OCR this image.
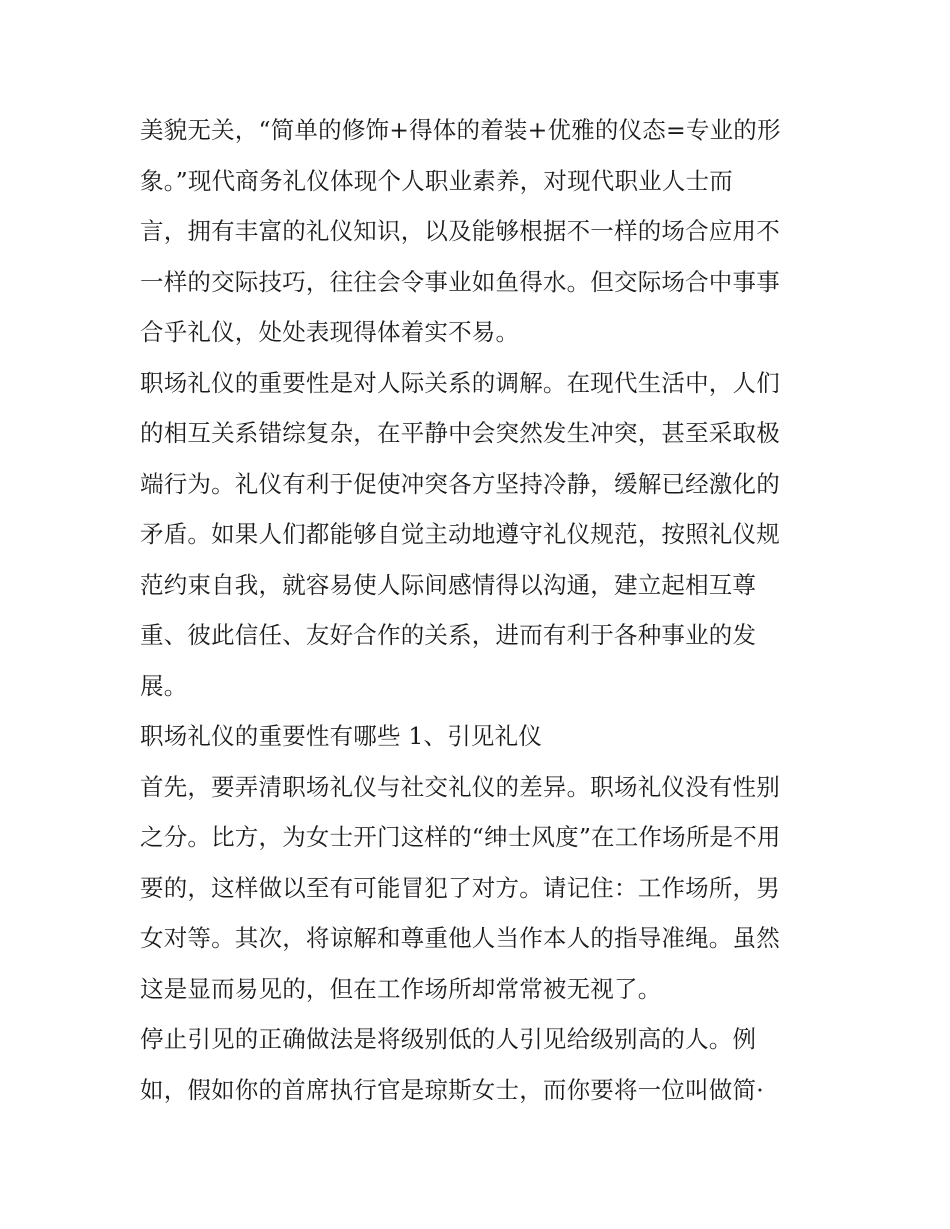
美貌无关，“简单的修饰+得体的着装+优雅的仪态=专业的形
象。”现代商务礼仪体现个人职业素养，对现代职业人士而
言，拥有丰富的礼仪知识，以及能够根据不一样的场合应用不
一样的交际技巧，往往会令事业如鱼得水。但交际场合中事事
合乎礼仪，处处表现得体着实不易。
职场礼仪的重要性是对人际关系的调解。在现代生活中，人们
的相互关系错综复杂，在平静中会突然发生冲突，甚至采取极
端行为。礼仪有利于促使冲突各方坚持冷静，缓解已经激化的
矛盾。如果人们都能够自觉主动地遵守礼仪规范，按照礼仪规
范约束自我，就容易使人际间感情得以沟通，建立起相互尊
重、彼此信任、友好合作的关系，进而有利于各种事业的发
展。
职场礼仪的重要性有哪些 1、引见礼仪
首先，要弄清职场礼仪与社交礼仪的差异。职场礼仪没有性别
之分。比方，为女士开门这样的“绅士风度”在工作场所是不用
要的，这样做以至有可能冒犯了对方。请记住：工作场所，男
女对等。其次，将谅解和尊重他人当作本人的指导准绳。虽然
这是显而易见的，但在工作场所却常常被无视了。
停止引见的正确做法是将级别低的人引见给级别高的人。例
如，假如你的首席执行官是琼斯女士，而你要将一位叫做简·
